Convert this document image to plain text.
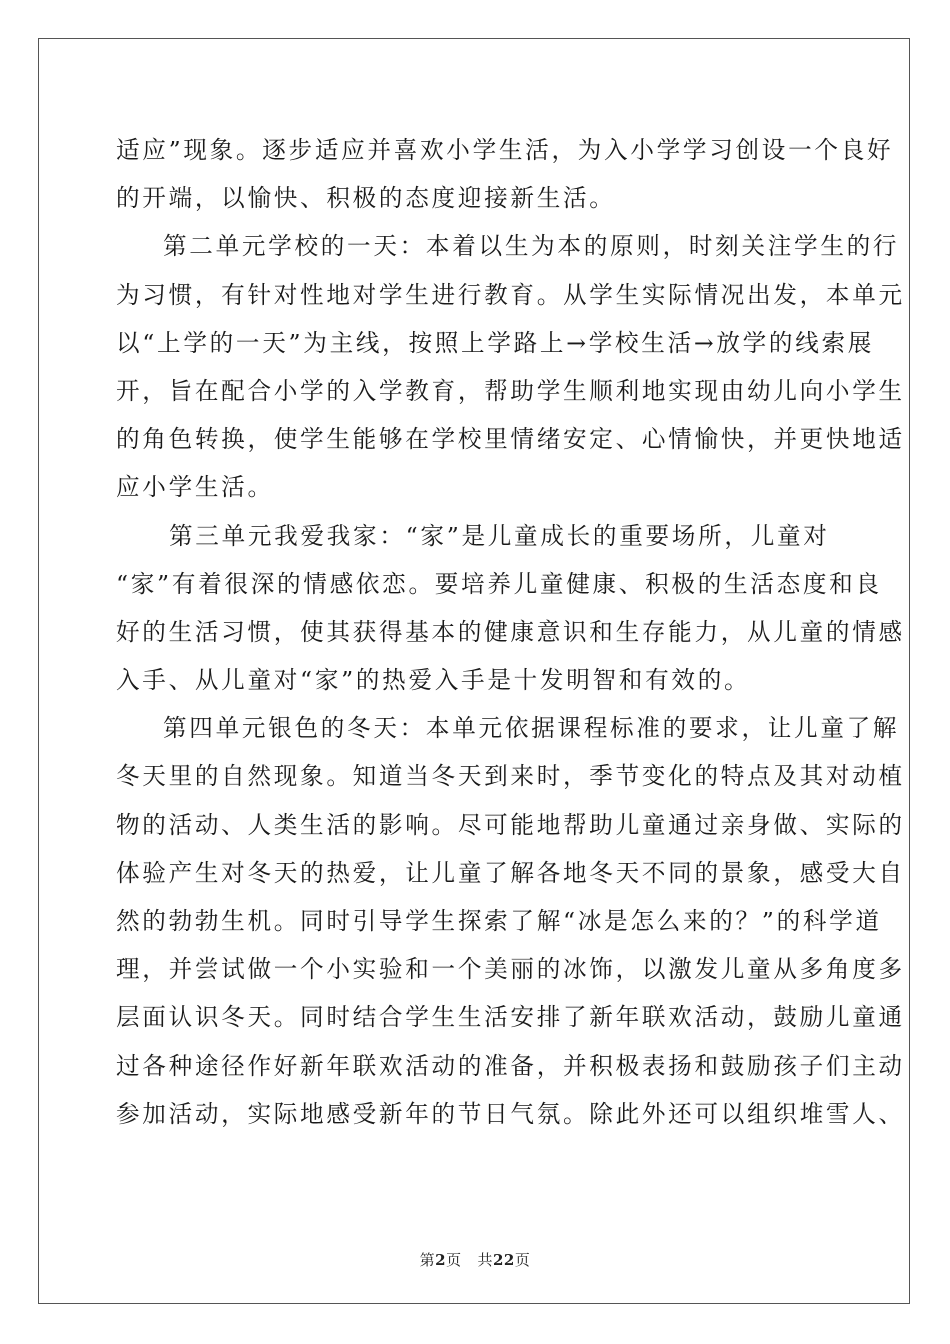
适应”现象。逐步适应并喜欢小学生活，为入小学学习创设一个良好
的开端，以愉快、积极的态度迎接新生活。
第二单元学校的一天：本着以生为本的原则，时刻关注学生的行
为习惯，有针对性地对学生进行教育。从学生实际情况出发，本单元
以“上学的一天”为主线，按照上学路上→学校生活→放学的线索展
开，旨在配合小学的入学教育，帮助学生顺利地实现由幼儿向小学生
的角色转换，使学生能够在学校里情绪安定、心情愉快，并更快地适
应小学生活。
第三单元我爱我家：“家”是儿童成长的重要场所，儿童对
“家”有着很深的情感依恋。要培养儿童健康、积极的生活态度和良
好的生活习惯，使其获得基本的健康意识和生存能力，从儿童的情感
入手、从儿童对“家”的热爱入手是十发明智和有效的。
第四单元银色的冬天：本单元依据课程标准的要求，让儿童了解
冬天里的自然现象。知道当冬天到来时，季节变化的特点及其对动植
物的活动、人类生活的影响。尽可能地帮助儿童通过亲身做、实际的
体验产生对冬天的热爱，让儿童了解各地冬天不同的景象，感受大自
然的勃勃生机。同时引导学生探索了解“冰是怎么来的？”的科学道
理，并尝试做一个小实验和一个美丽的冰饰，以激发儿童从多角度多
层面认识冬天。同时结合学生生活安排了新年联欢活动，鼓励儿童通
过各种途径作好新年联欢活动的准备，并积极表扬和鼓励孩子们主动
参加活动，实际地感受新年的节日气氛。除此外还可以组织堆雪人、
第2页 共22页
